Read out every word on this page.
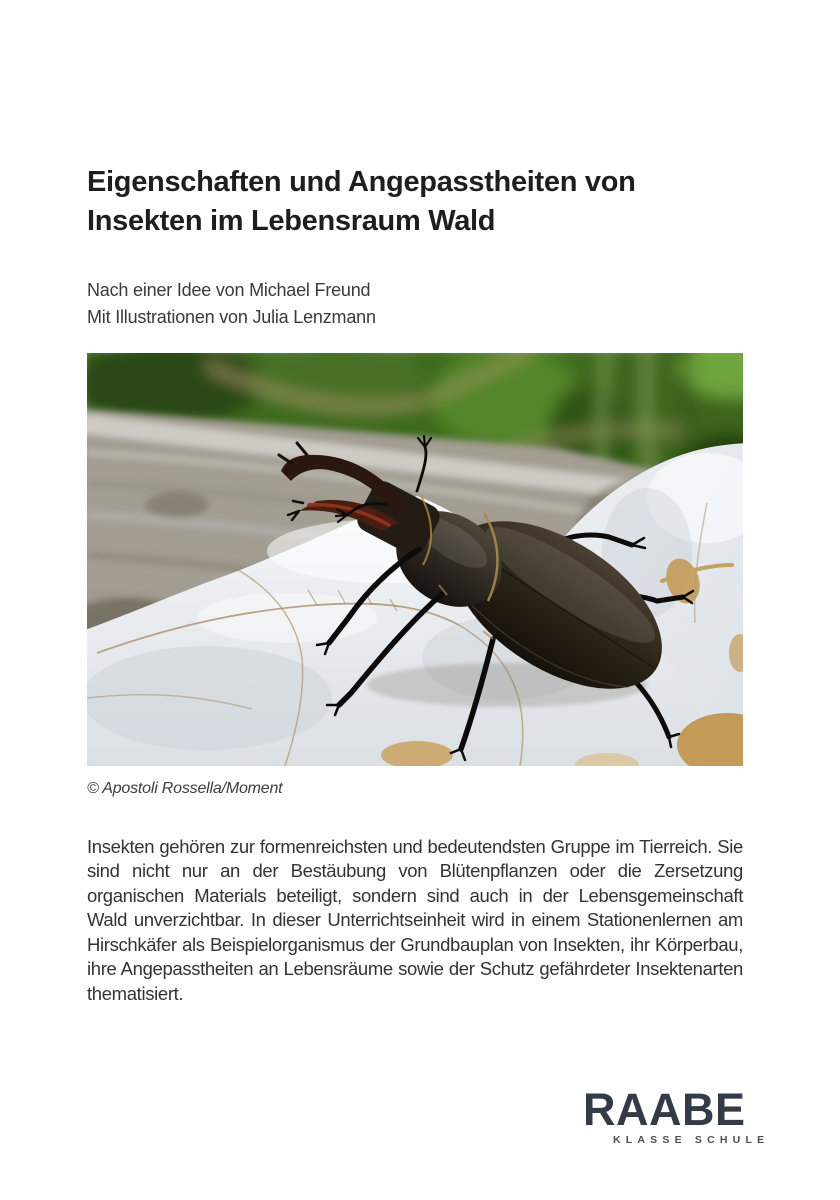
Eigenschaften und Angepasstheiten von
Insekten im Lebensraum Wald
Nach einer Idee von Michael Freund
Mit Illustrationen von Julia Lenzmann
© Apostoli Rossella/Moment

Insekten gehören zur formenreichsten und bedeutendsten Gruppe im Tierreich. Sie sind nicht nur an der Bestäubung von Blütenpflanzen oder die Zersetzung organischen Materials beteiligt, sondern sind auch in der Lebensgemeinschaft Wald unverzichtbar. In dieser Unterrichtseinheit wird in einem Stationenlernen am Hirschkäfer als Beispielorganismus der Grundbauplan von Insekten, ihr Körperbau, ihre Angepasstheiten an Lebensräume sowie der Schutz gefährdeter Insektenarten thematisiert.

RAABE
KLASSE SCHULE
